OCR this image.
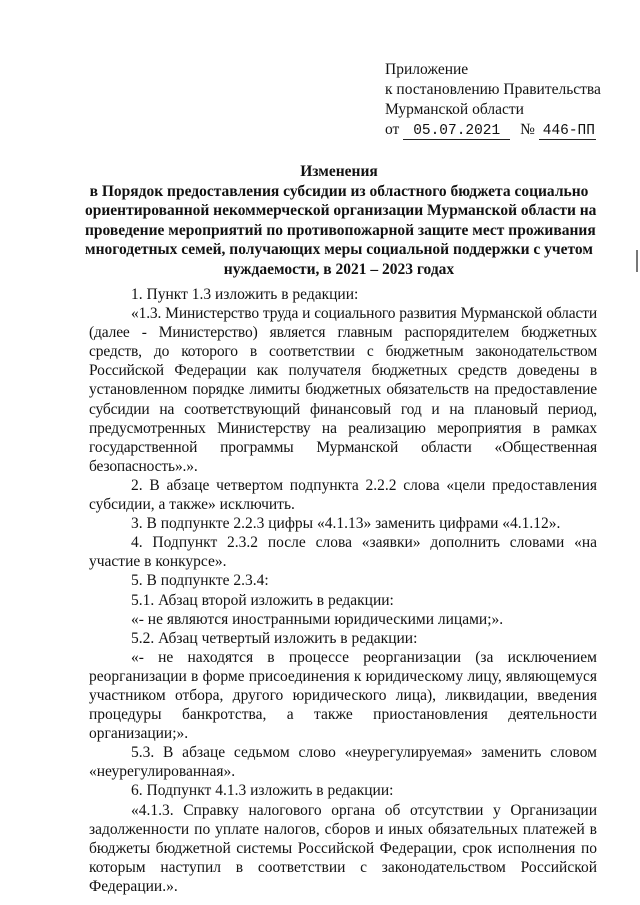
Приложение
к постановлению Правительства
Мурманской области
от 05.07.2021 № 446-ПП
Изменения
в Порядок предоставления субсидии из областного бюджета социально
ориентированной некоммерческой организации Мурманской области на
проведение мероприятий по противопожарной защите мест проживания
многодетных семей, получающих меры социальной поддержки с учетом
нуждаемости, в 2021 – 2023 годах
1. Пункт 1.3 изложить в редакции:
«1.3. Министерство труда и социального развития Мурманской области (далее - Министерство) является главным распорядителем бюджетных средств, до которого в соответствии с бюджетным законодательством Российской Федерации как получателя бюджетных средств доведены в установленном порядке лимиты бюджетных обязательств на предоставление субсидии на соответствующий финансовый год и на плановый период, предусмотренных Министерству на реализацию мероприятия в рамках государственной программы Мурманской области «Общественная безопасность».».
2. В абзаце четвертом подпункта 2.2.2 слова «цели предоставления субсидии, а также» исключить.
3. В подпункте 2.2.3 цифры «4.1.13» заменить цифрами «4.1.12».
4. Подпункт 2.3.2 после слова «заявки» дополнить словами «на участие в конкурсе».
5. В подпункте 2.3.4:
5.1. Абзац второй изложить в редакции:
«- не являются иностранными юридическими лицами;».
5.2. Абзац четвертый изложить в редакции:
«- не находятся в процессе реорганизации (за исключением реорганизации в форме присоединения к юридическому лицу, являющемуся участником отбора, другого юридического лица), ликвидации, введения процедуры банкротства, а также приостановления деятельности организации;».
5.3. В абзаце седьмом слово «неурегулируемая» заменить словом «неурегулированная».
6. Подпункт 4.1.3 изложить в редакции:
«4.1.3. Справку налогового органа об отсутствии у Организации задолженности по уплате налогов, сборов и иных обязательных платежей в бюджеты бюджетной системы Российской Федерации, срок исполнения по которым наступил в соответствии с законодательством Российской Федерации.».
